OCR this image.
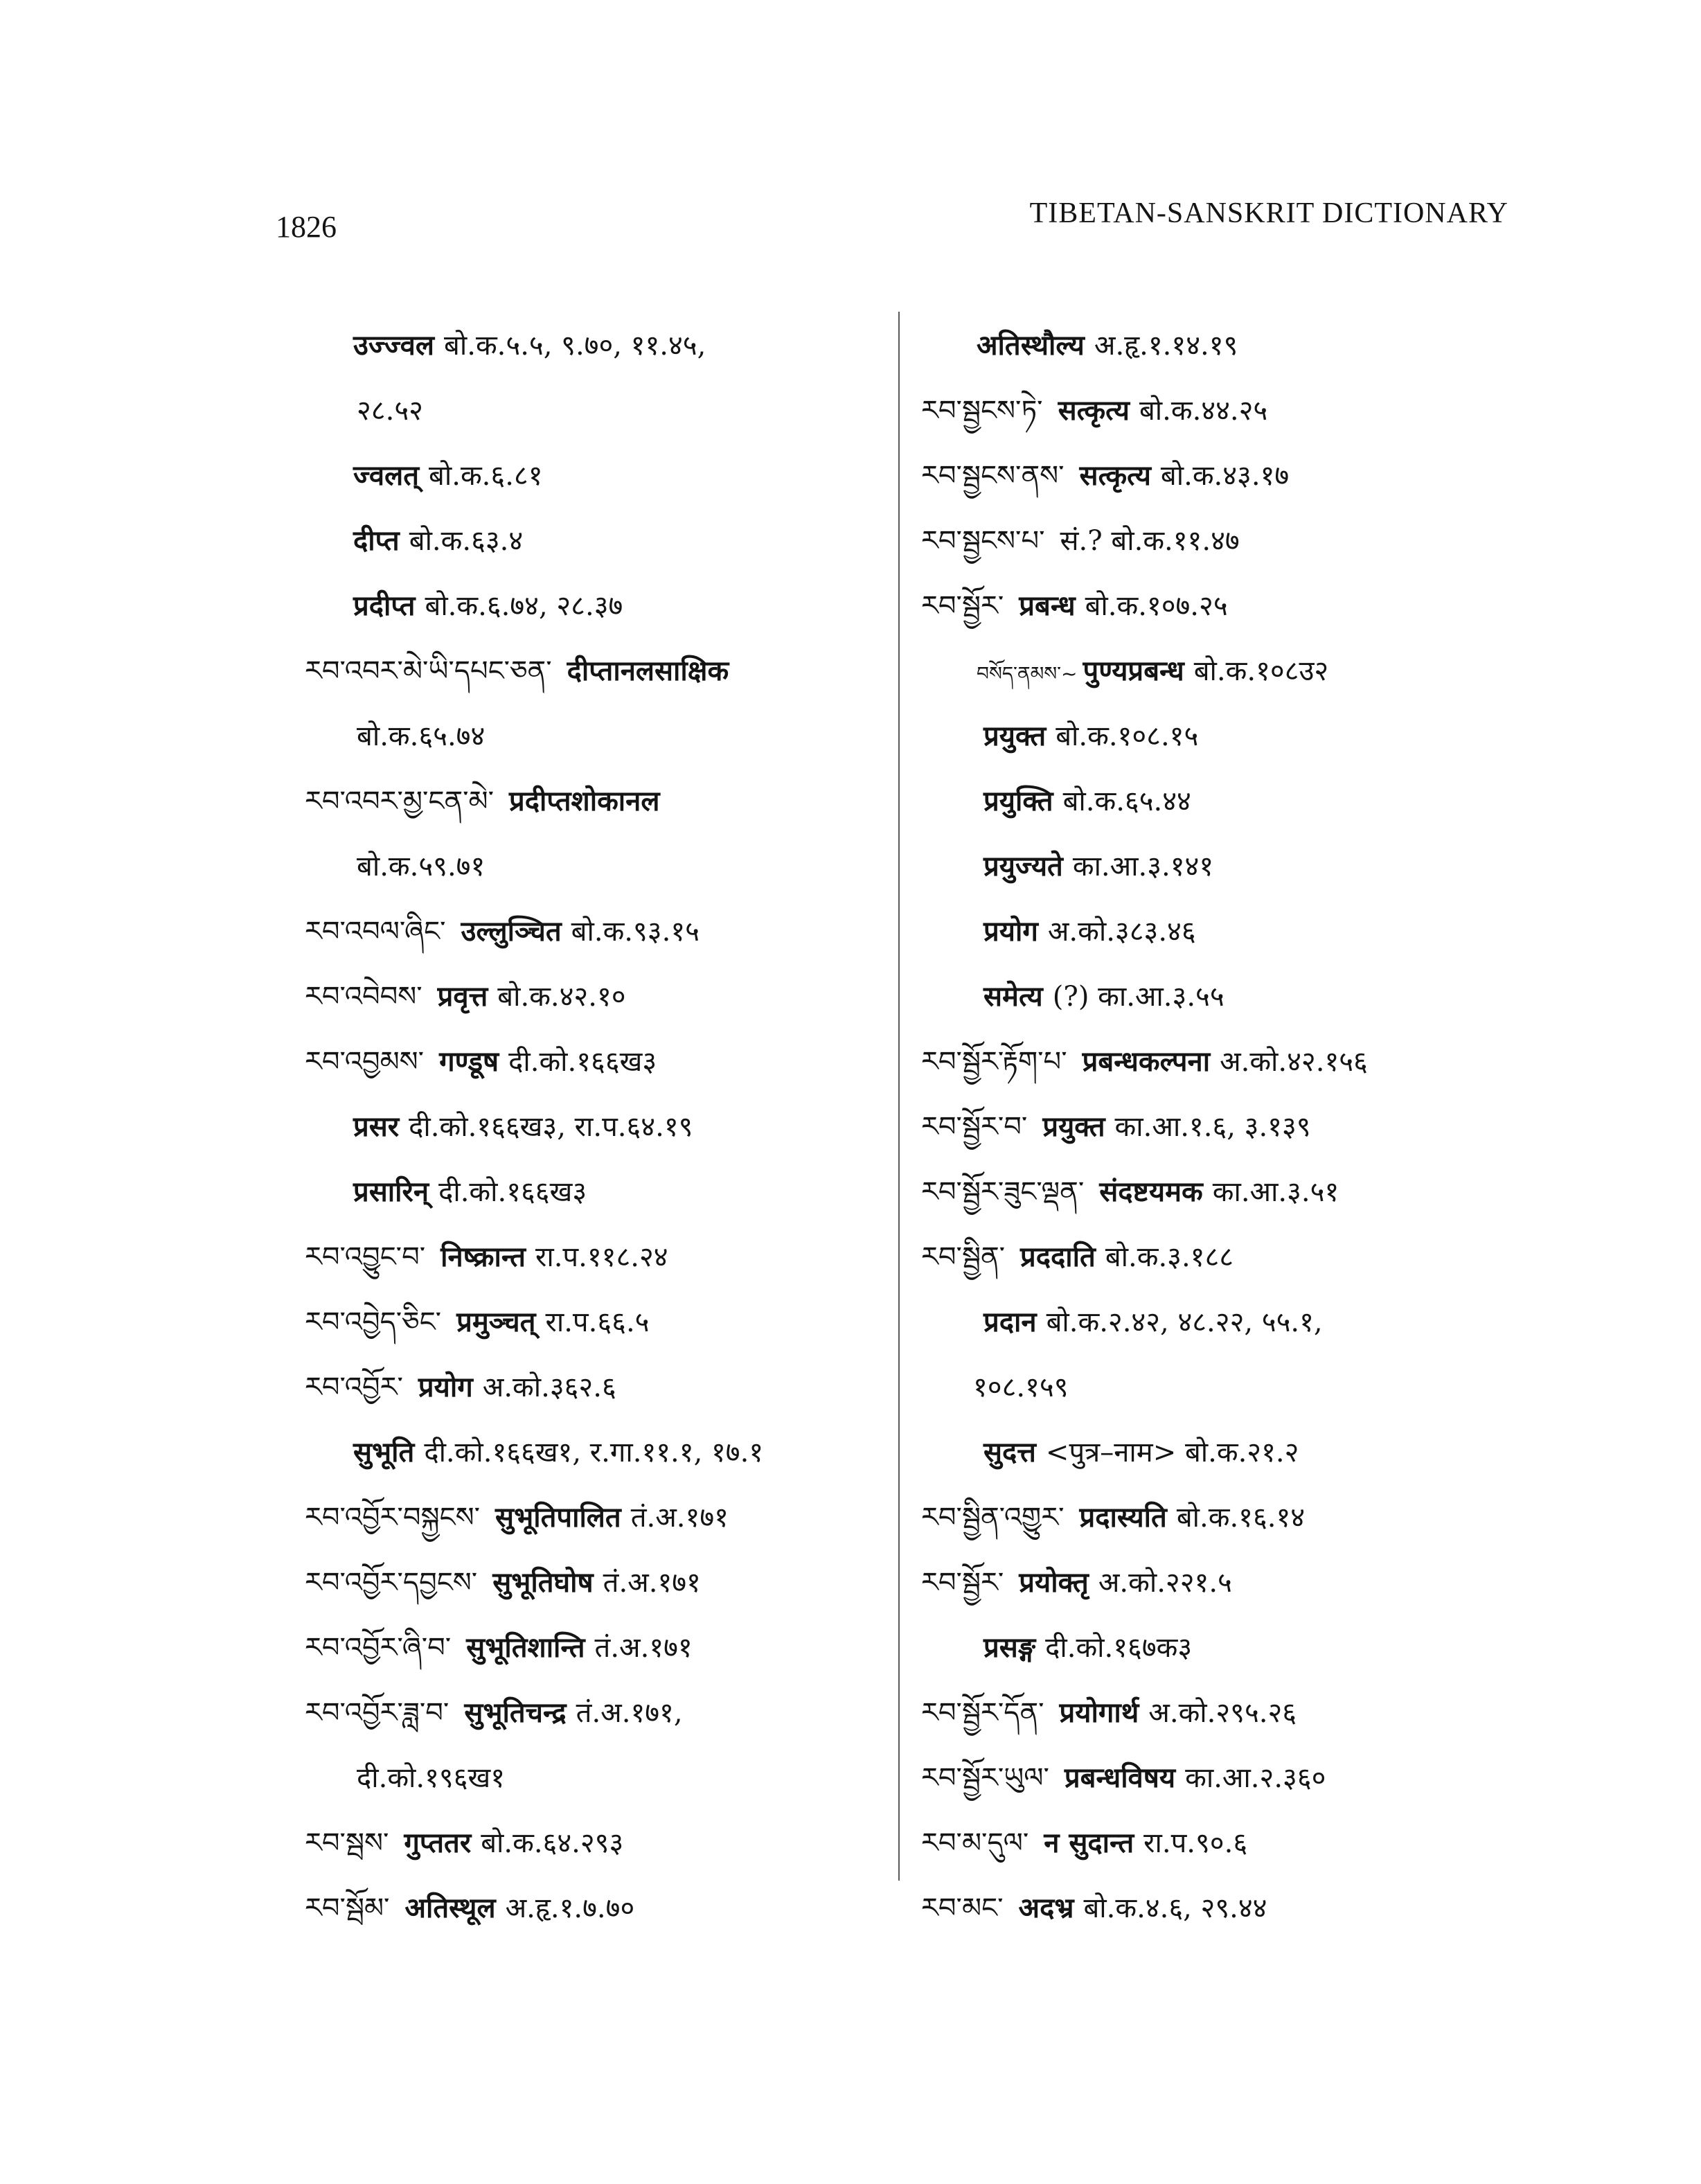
1826	TIBETAN-SANSKRIT DICTIONARY
उज्ज्वल बो.क.५.५, ९.७०, ११.४५,
२८.५२
ज्वलत् बो.क.६.८१
दीप्त बो.क.६३.४
प्रदीप्त बो.क.६.७४, २८.३७
རབ་འབར་མེ་ཡི་དཔང་ཅན་ दीप्तानलसाक्षिक
बो.क.६५.७४
རབ་འབར་མྱ་ངན་མེ་ प्रदीप्तशोकानल
बो.क.५९.७१
རབ་འབལ་ཞིང་ उल्लुञ्चित बो.क.९३.१५
རབ་འབེབས་ प्रवृत्त बो.क.४२.१०
རབ་འབྱམས་ गण्डूष दी.को.१६६ख३
प्रसर दी.को.१६६ख३, रा.प.६४.१९
प्रसारिन् दी.को.१६६ख३
རབ་འབྱུང་བ་ निष्क्रान्त रा.प.११८.२४
རབ་འབྱེད་ཅིང་ प्रमुञ्चत् रा.प.६६.५
རབ་འབྱོར་ प्रयोग अ.को.३६२.६
सुभूति दी.को.१६६ख१, र.गा.११.१, १७.१
རབ་འབྱོར་བསྐྱངས་ सुभूतिपालित तं.अ.१७१
རབ་འབྱོར་དབྱངས་ सुभूतिघोष तं.अ.१७१
རབ་འབྱོར་ཞི་བ་ सुभूतिशान्ति तं.अ.१७१
རབ་འབྱོར་ཟླ་བ་ सुभूतिचन्द्र तं.अ.१७१,
दी.को.१९६ख१
རབ་སྦས་ गुप्ततर बो.क.६४.२९३
རབ་སྦོམ་ अतिस्थूल अ.हृ.१.७.७०
अतिस्थौल्य अ.हृ.१.१४.१९
རབ་སྦྱངས་ཏེ་ सत्कृत्य बो.क.४४.२५
རབ་སྦྱངས་ནས་ सत्कृत्य बो.क.४३.१७
རབ་སྦྱངས་པ་ सं.? बो.क.११.४७
རབ་སྦྱོར་ प्रबन्ध बो.क.१०७.२५
བསོད་ནམས་~ पुण्यप्रबन्ध बो.क.१०८उ२
प्रयुक्त बो.क.१०८.१५
प्रयुक्ति बो.क.६५.४४
प्रयुज्यते का.आ.३.१४१
प्रयोग अ.को.३८३.४६
समेत्य (?) का.आ.३.५५
རབ་སྦྱོར་རྟོག་པ་ प्रबन्धकल्पना अ.को.४२.१५६
རབ་སྦྱོར་བ་ प्रयुक्त का.आ.१.६, ३.१३९
རབ་སྦྱོར་ཟུང་ལྡན་ संदष्टयमक का.आ.३.५१
རབ་སྦྱིན་ प्रददाति बो.क.३.१८८
प्रदान बो.क.२.४२, ४८.२२, ५५.१,
१०८.१५९
सुदत्त <पुत्र–नाम> बो.क.२१.२
རབ་སྦྱིན་འགྱུར་ प्रदास्यति बो.क.१६.१४
རབ་སྦྱོར་ प्रयोक्तृ अ.को.२२१.५
प्रसङ्ग दी.को.१६७क३
རབ་སྦྱོར་དོན་ प्रयोगार्थ अ.को.२९५.२६
རབ་སྦྱོར་ཡུལ་ प्रबन्धविषय का.आ.२.३६०
རབ་མ་དུལ་ न सुदान्त रा.प.९०.६
རབ་མང་ अदभ्र बो.क.४.६, २९.४४
